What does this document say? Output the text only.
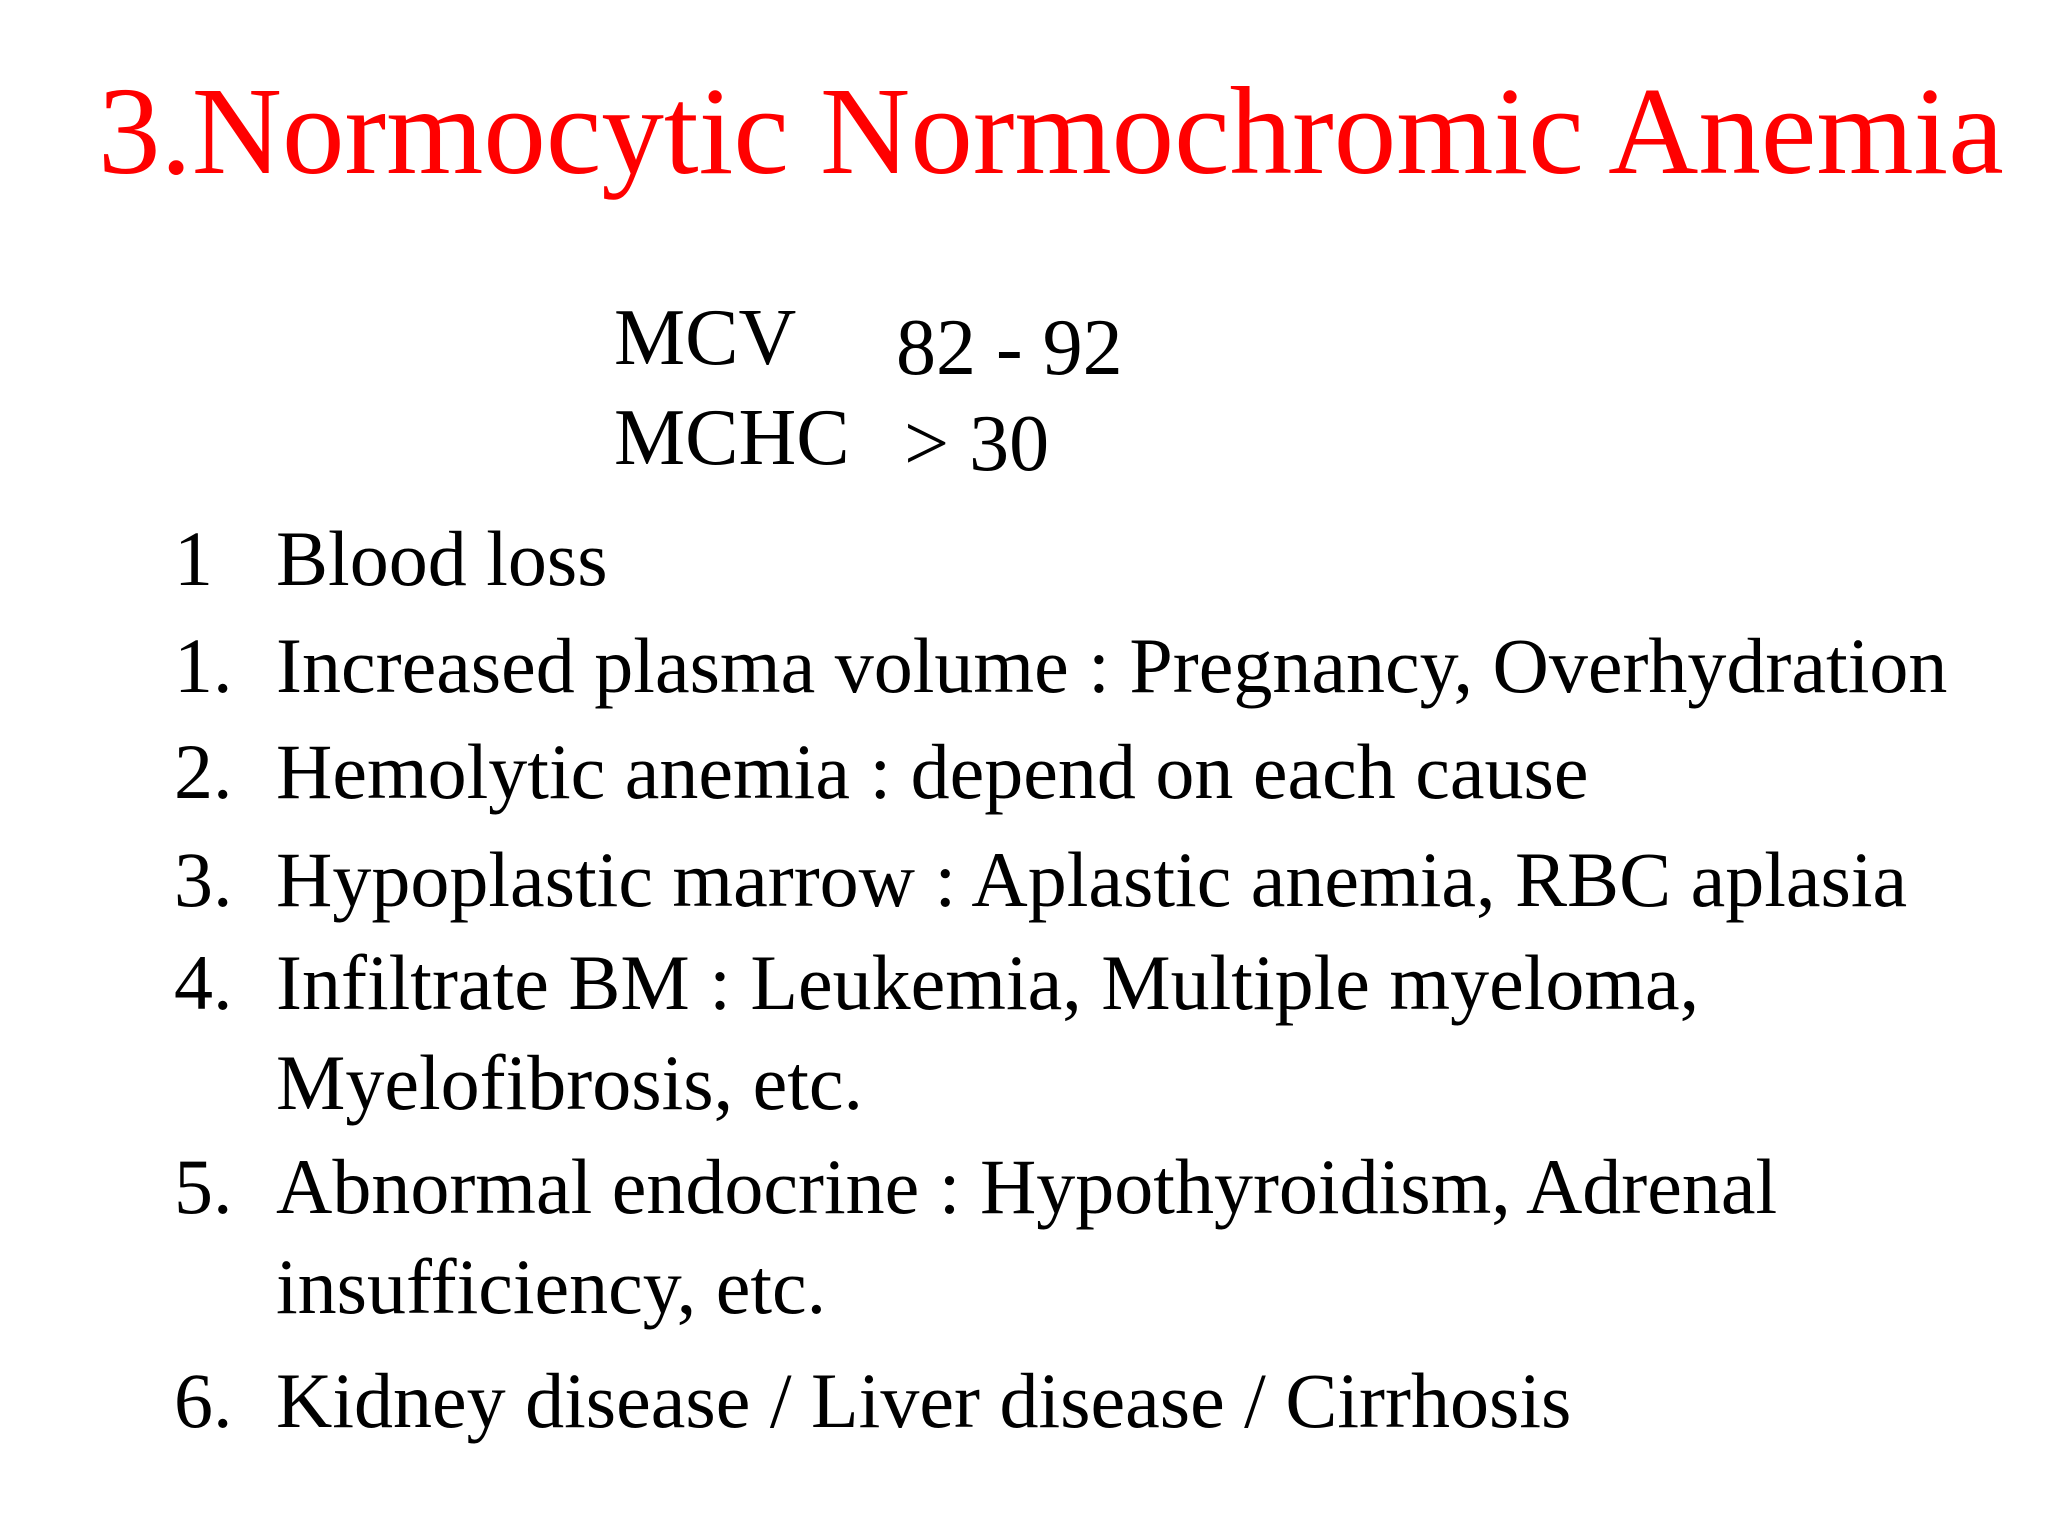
3.Normocytic Normochromic Anemia
MCV 82 - 92
MCHC > 30
1 Blood loss
1. Increased plasma volume : Pregnancy, Overhydration
2. Hemolytic anemia : depend on each cause
3. Hypoplastic marrow : Aplastic anemia, RBC aplasia
4. Infiltrate BM : Leukemia, Multiple myeloma, Myelofibrosis, etc.
5. Abnormal endocrine : Hypothyroidism, Adrenal insufficiency, etc.
6. Kidney disease / Liver disease / Cirrhosis
